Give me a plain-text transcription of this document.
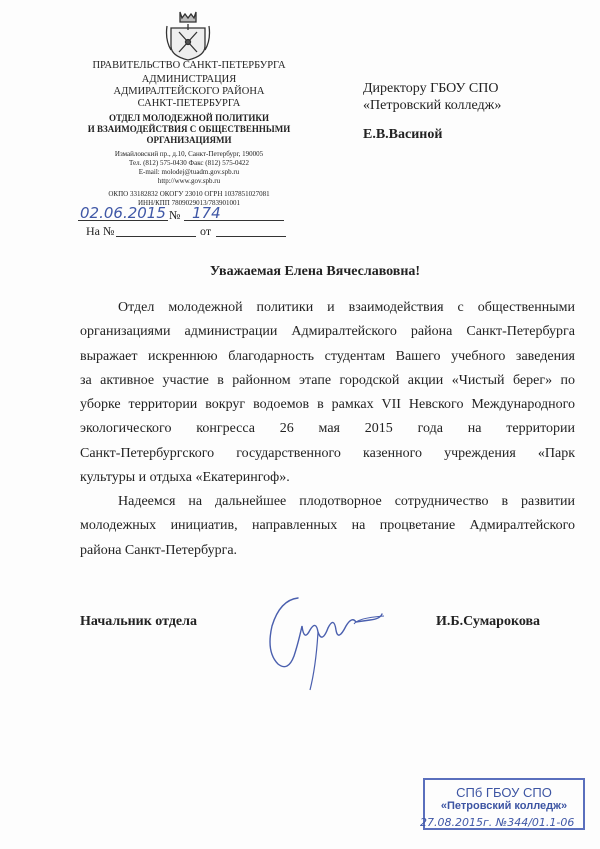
ПРАВИТЕЛЬСТВО САНКТ-ПЕТЕРБУРГА
АДМИНИСТРАЦИЯ
АДМИРАЛТЕЙСКОГО РАЙОНА
САНКТ-ПЕТЕРБУРГА
ОТДЕЛ МОЛОДЕЖНОЙ ПОЛИТИКИ
И ВЗАИМОДЕЙСТВИЯ С ОБЩЕСТВЕННЫМИ
ОРГАНИЗАЦИЯМИ
Измайловский пр., д.10, Санкт-Петербург, 190005
Тел. (812) 575-0430 Факс (812) 575-0422
E-mail: molodej@tuadm.gov.spb.ru
http://www.gov.spb.ru
ОКПО 33182832 ОКОГУ 23010 ОГРН 1037851027081
ИНН/КПП 7809029013/783901001
02.06.2015 № 174
На №	от
Директору ГБОУ СПО
«Петровский колледж»
Е.В.Васиной
Уважаемая Елена Вячеславовна!
Отдел молодежной политики и взаимодействия с общественными
организациями администрации Адмиралтейского района Санкт-Петербурга
выражает искреннюю благодарность студентам Вашего учебного заведения
за активное участие в районном этапе городской акции «Чистый берег» по
уборке территории вокруг водоемов в рамках VII Невского Международного
экологического конгресса 26 мая 2015 года на территории
Санкт-Петербургского государственного казенного учреждения «Парк
культуры и отдыха «Екатерингоф».
Надеемся на дальнейшее плодотворное сотрудничество в развитии
молодежных инициатив, направленных на процветание Адмиралтейского
района Санкт-Петербурга.
Начальник отдела	И.Б.Сумарокова
СПб ГБОУ СПО
«Петровский колледж»
27.08.2015г. №344/01.1-06
